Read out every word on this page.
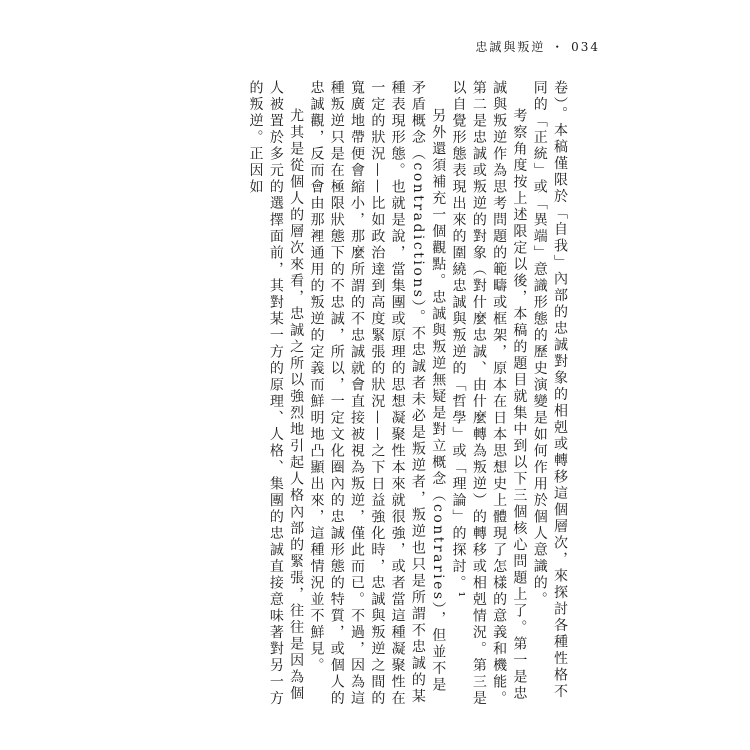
忠誠與叛逆 ・ 034

卷）。本稿僅限於「自我」內部的忠誠對象的相剋或轉移這個層次，來探討各種性格不同的「正統」或「異端」意識形態的歷史演變是如何作用於個人意識的。

考察角度按上述限定以後，本稿的題目就集中到以下三個核心問題上了。第一是忠誠與叛逆作為思考問題的範疇或框架，原本在日本思想史上體現了怎樣的意義和機能。第二是忠誠或叛逆的對象（對什麼忠誠、由什麼轉為叛逆）的轉移或相剋情況。第三是以自覺形態表現出來的圍繞忠誠與叛逆的「哲學」或「理論」的探討。¹

另外還須補充一個觀點。忠誠與叛逆無疑是對立概念（contraries），但並不是矛盾概念（contradictions）。不忠誠者未必是叛逆者，叛逆也只是所謂不忠誠的某種表現形態。也就是說，當集團或原理的思想凝聚性本來就很強，或者當這種凝聚性在一定的狀況——比如政治達到高度緊張的狀況——之下日益強化時，忠誠與叛逆之間的寬廣地帶便會縮小，那麼所謂的不忠誠就會直接被視為叛逆，僅此而已。不過，因為這種叛逆只是在極限狀態下的不忠誠，所以，一定文化圈內的忠誠形態的特質，或個人的忠誠觀，反而會由那裡通用的叛逆的定義而鮮明地凸顯出來，這種情況並不鮮見。

尤其是從個人的層次來看，忠誠之所以強烈地引起人格內部的緊張，往往是因為個人被置於多元的選擇面前，其對某一方的原理、人格、集團的忠誠直接意味著對另一方的叛逆。正因如
